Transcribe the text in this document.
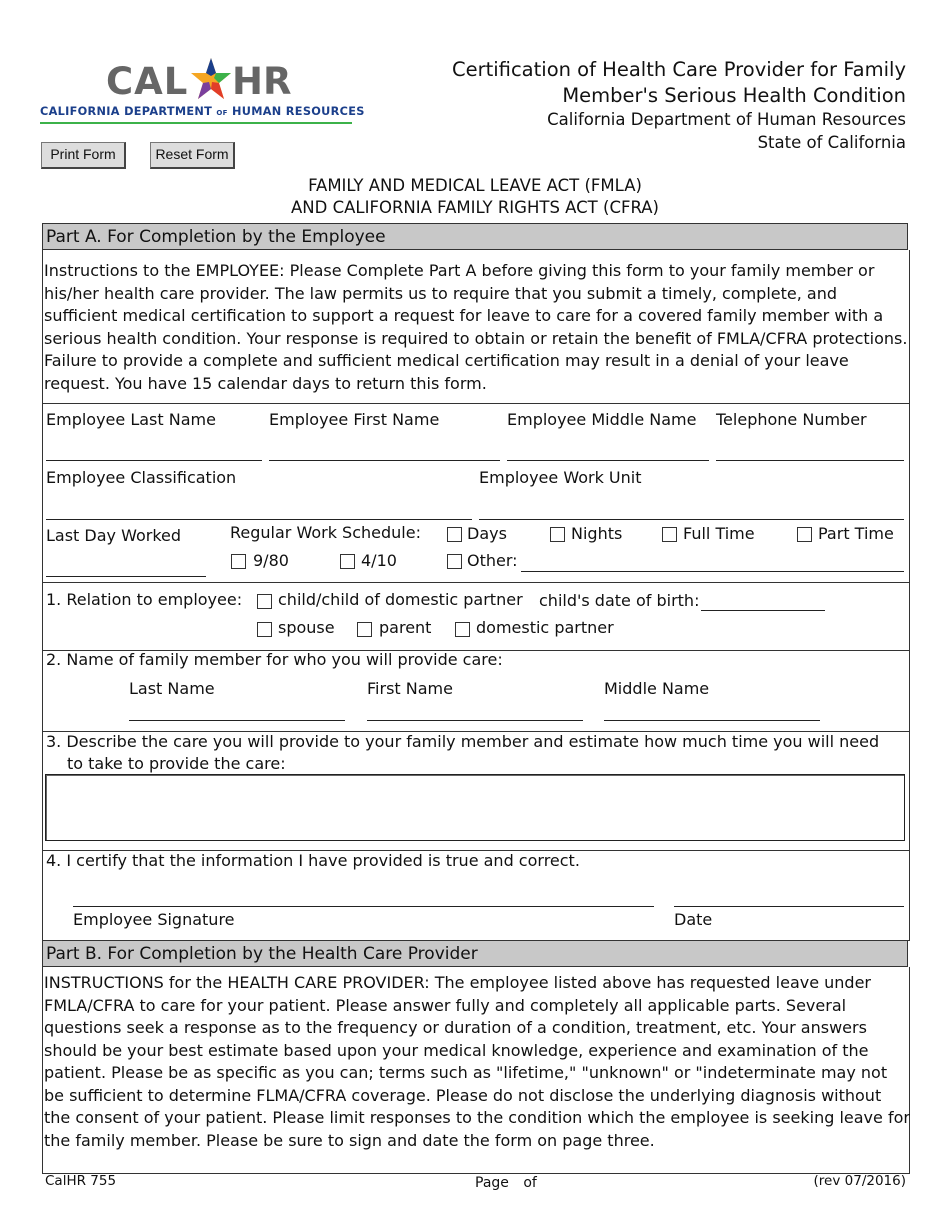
CAL HR
CALIFORNIA DEPARTMENT OF HUMAN RESOURCES
Certification of Health Care Provider for Family
Member's Serious Health Condition
California Department of Human Resources
State of California
Print Form	Reset Form
FAMILY AND MEDICAL LEAVE ACT (FMLA)
AND CALIFORNIA FAMILY RIGHTS ACT (CFRA)
Part A. For Completion by the Employee
Instructions to the EMPLOYEE: Please Complete Part A before giving this form to your family member or his/her health care provider. The law permits us to require that you submit a timely, complete, and sufficient medical certification to support a request for leave to care for a covered family member with a serious health condition. Your response is required to obtain or retain the benefit of FMLA/CFRA protections. Failure to provide a complete and sufficient medical certification may result in a denial of your leave request. You have 15 calendar days to return this form.
Employee Last Name	Employee First Name	Employee Middle Name Telephone Number
Employee Classification	Employee Work Unit
Last Day Worked	Regular Work Schedule:	Days	Nights	Full Time	Part Time
9/80	4/10	Other:
1. Relation to employee: child/child of domestic partner child's date of birth:
spouse	parent	domestic partner
2. Name of family member for who you will provide care:
Last Name	First Name	Middle Name
3. Describe the care you will provide to your family member and estimate how much time you will need
to take to provide the care:
4. I certify that the information I have provided is true and correct.
Employee Signature	Date
Part B. For Completion by the Health Care Provider
INSTRUCTIONS for the HEALTH CARE PROVIDER: The employee listed above has requested leave under FMLA/CFRA to care for your patient. Please answer fully and completely all applicable parts. Several questions seek a response as to the frequency or duration of a condition, treatment, etc. Your answers should be your best estimate based upon your medical knowledge, experience and examination of the patient. Please be as specific as you can; terms such as "lifetime," "unknown" or "indeterminate may not be sufficient to determine FLMA/CFRA coverage. Please do not disclose the underlying diagnosis without the consent of your patient. Please limit responses to the condition which the employee is seeking leave for the family member. Please be sure to sign and date the form on page three.
CalHR 755	Page of	(rev 07/2016)
